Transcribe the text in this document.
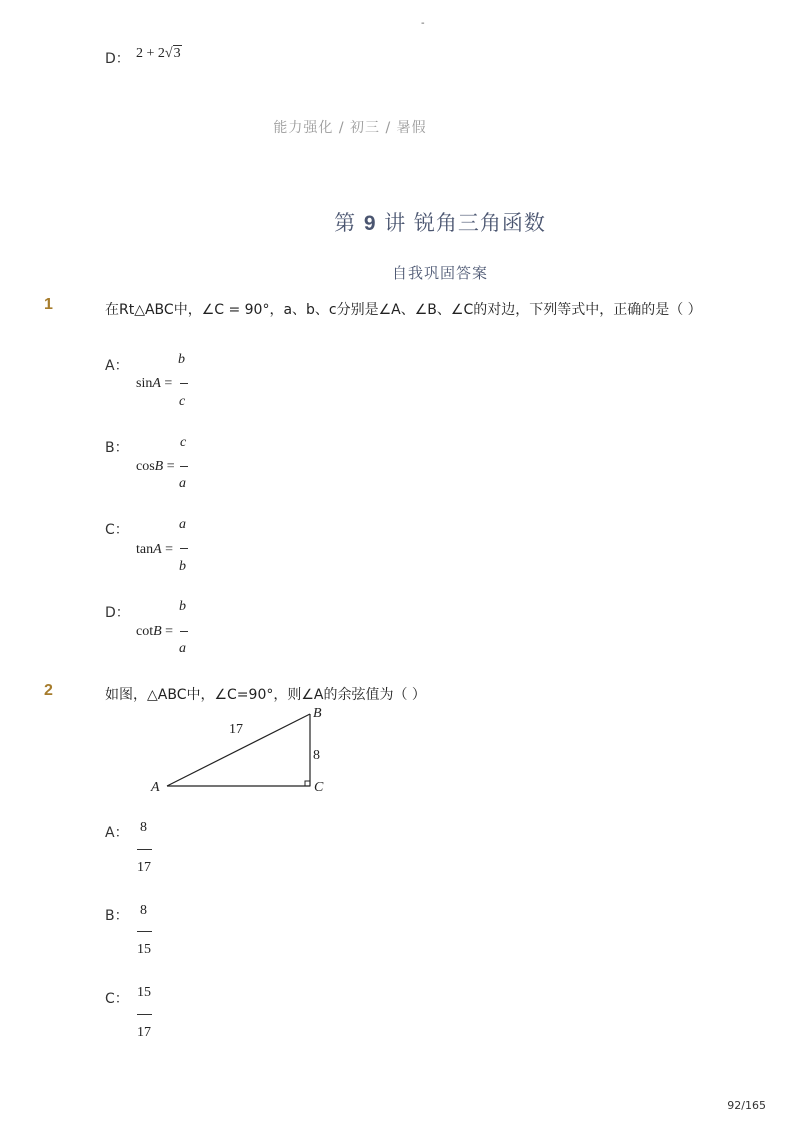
-
D： 2 + 2√3
能力强化 / 初三 / 暑假
第 9 讲 锐角三角函数
自我巩固答案
1	在Rt△ABC中，∠C = 90°，a、b、c分别是∠A、∠B、∠C的对边，下列等式中，正确的是（ ）
A：	b
sinA =
c
B：	c
cosB =
a
C：	a
tanA =
b
D：	b
cotB =
a
2	如图，△ABC中，∠C=90°，则∠A的余弦值为（ ）
A
B
C
17
8
A： 8
17
B： 8
15
C： 15
17
92/165
